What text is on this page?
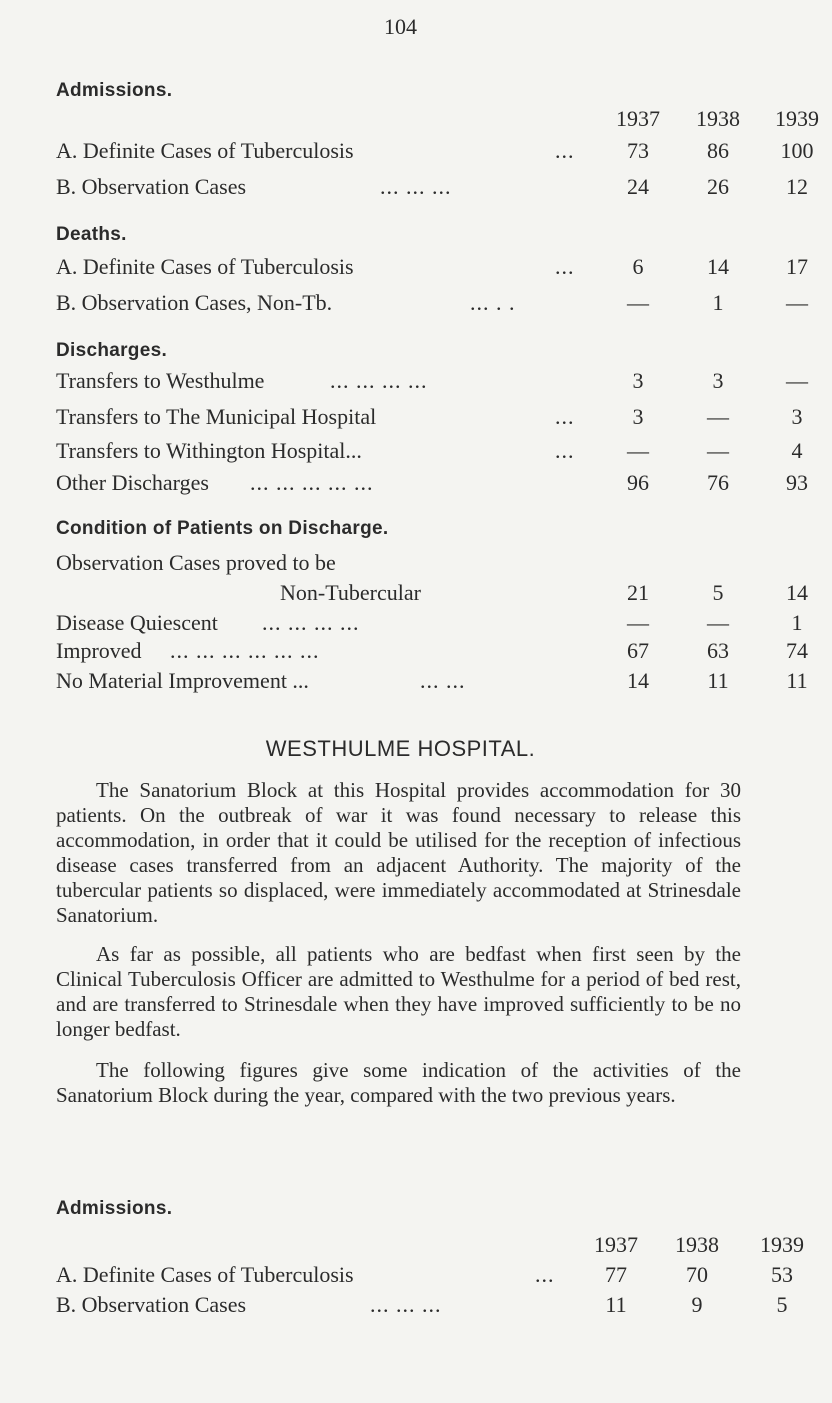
104
Admissions.
1937	1938	1939
A. Definite Cases of Tuberculosis	...	73	86	100
B. Observation Cases	... ... ...	24	26	12
Deaths.
A. Definite Cases of Tuberculosis	...	6	14	17
B. Observation Cases, Non-Tb.	... . .	—	1	—
Discharges.
Transfers to Westhulme	... ... ... ...	3	3	—
Transfers to The Municipal Hospital	...	3	—	3
Transfers to Withington Hospital...	...	—	—	4
Other Discharges ... ... ... ... ...	96	76	93
Condition of Patients on Discharge.
Observation Cases proved to be
Non-Tubercular	21	5	14
Disease Quiescent ... ... ... ...	—	—	1
Improved ... ... ... ... ... ...	67	63	74
No Material Improvement ...	... ...	14	11	11
WESTHULME HOSPITAL.

The Sanatorium Block at this Hospital provides accommodation for 30 patients. On the outbreak of war it was found necessary to release this accommodation, in order that it could be utilised for the reception of infectious disease cases transferred from an adjacent Authority. The majority of the tubercular patients so displaced, were immediately accommodated at Strinesdale Sanatorium.

As far as possible, all patients who are bedfast when first seen by the Clinical Tuberculosis Officer are admitted to Westhulme for a period of bed rest, and are transferred to Strinesdale when they have improved sufficiently to be no longer bedfast.

The following figures give some indication of the activities of the Sanatorium Block during the year, compared with the two previous years.

Admissions.
1937	1938	1939
A. Definite Cases of Tuberculosis	...	77	70	53
B. Observation Cases	... ... ...	11	9	5
